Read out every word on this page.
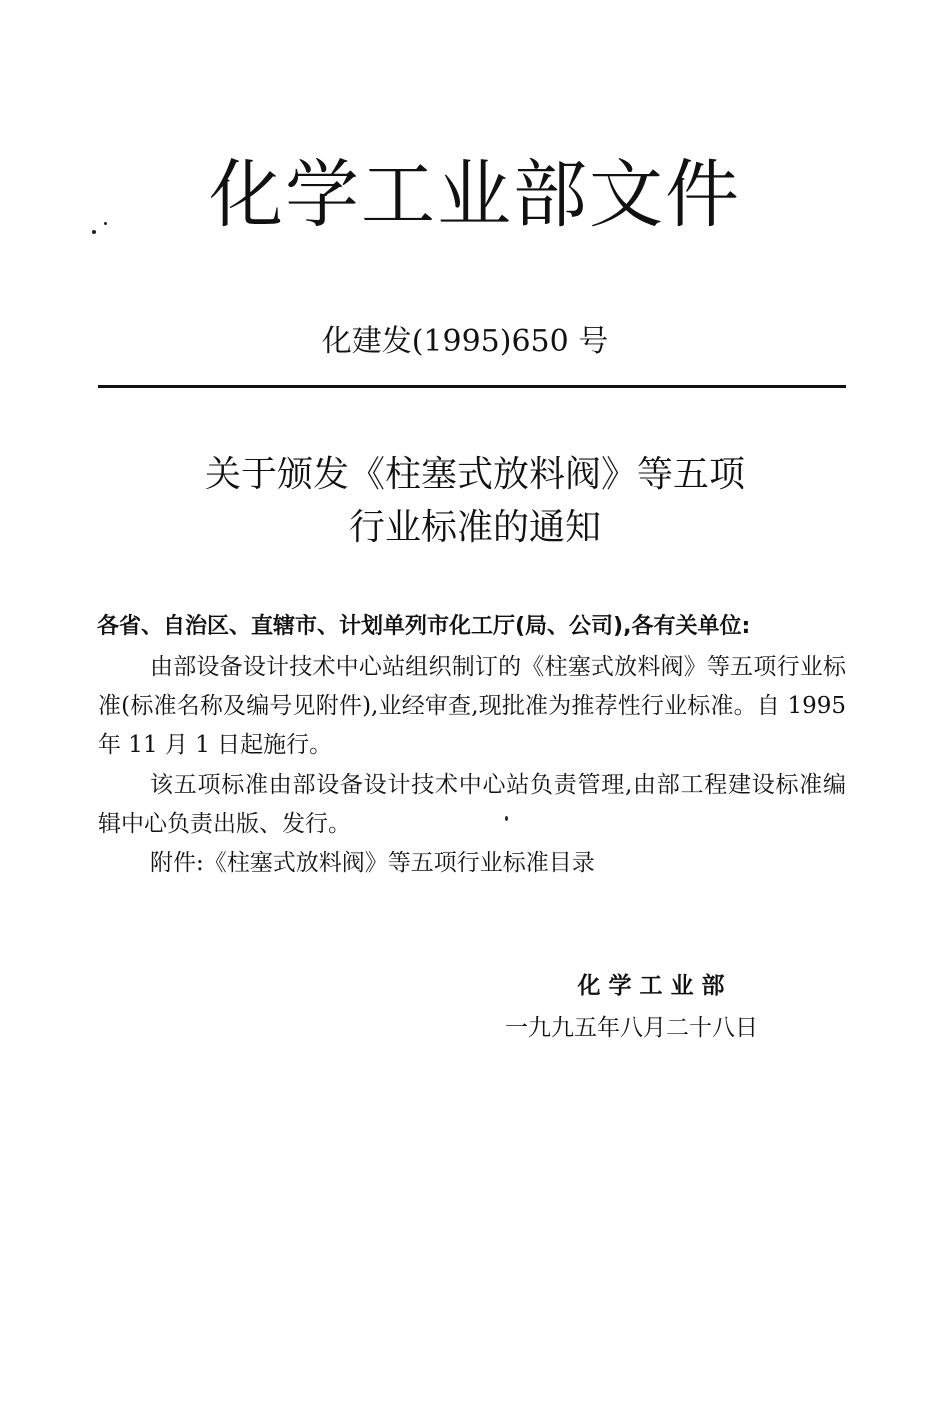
化学工业部文件
化建发(1995)650 号
关于颁发《柱塞式放料阀》等五项
行业标准的通知
各省、自治区、直辖市、计划单列市化工厅(局、公司),各有关单位:
由部设备设计技术中心站组织制订的《柱塞式放料阀》等五项行业标准(标准名称及编号见附件),业经审查,现批准为推荐性行业标准。自 1995 年 11 月 1 日起施行。
该五项标准由部设备设计技术中心站负责管理,由部工程建设标准编辑中心负责出版、发行。
附件:《柱塞式放料阀》等五项行业标准目录
化学工业部
一九九五年八月二十八日
